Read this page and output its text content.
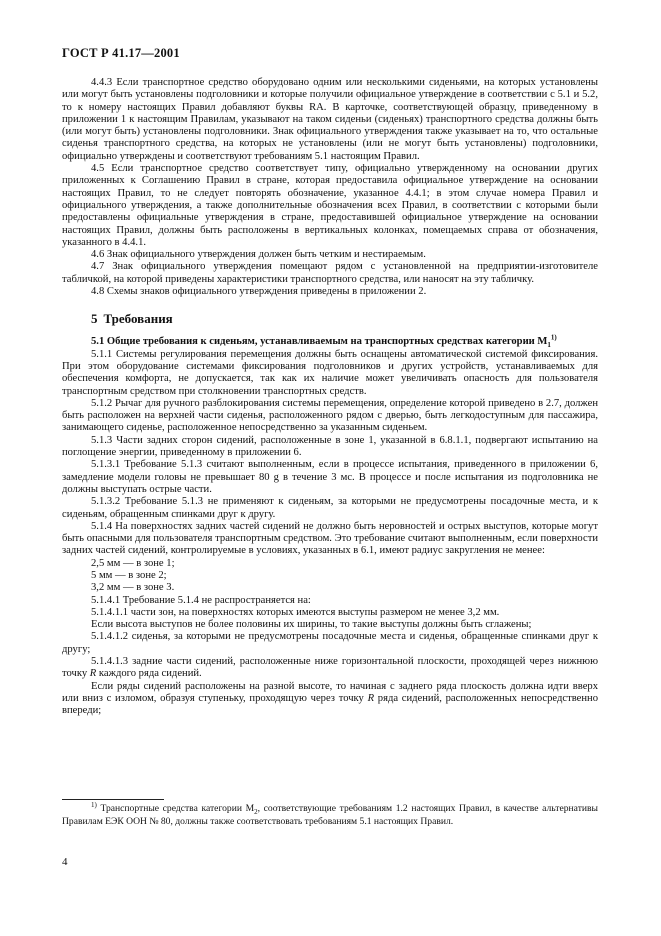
ГОСТ Р 41.17—2001

4.4.3 Если транспортное средство оборудовано одним или несколькими сиденьями, на которых установлены или могут быть установлены подголовники и которые получили официальное утверждение в соответствии с 5.1 и 5.2, то к номеру настоящих Правил добавляют буквы RA. В карточке, соответствующей образцу, приведенному в приложении 1 к настоящим Правилам, указывают на таком сиденьи (сиденьях) транспортного средства должны быть (или могут быть) установлены подголовники. Знак официального утверждения также указывает на то, что остальные сиденья транспортного средства, на которых не установлены (или не могут быть установлены) подголовники, официально утверждены и соответствуют требованиям 5.1 настоящим Правил.

4.5 Если транспортное средство соответствует типу, официально утвержденному на основании других приложенных к Соглашению Правил в стране, которая предоставила официальное утверждение на основании настоящих Правил, то не следует повторять обозначение, указанное 4.4.1; в этом случае номера Правил и официального утверждения, а также дополнительные обозначения всех Правил, в соответствии с которыми были предоставлены официальные утверждения в стране, предоставившей официальное утверждение на основании настоящих Правил, должны быть расположены в вертикальных колонках, помещаемых справа от обозначения, указанного в 4.4.1.

4.6 Знак официального утверждения должен быть четким и нестираемым.

4.7 Знак официального утверждения помещают рядом с установленной на предприятии-изготовителе табличкой, на которой приведены характеристики транспортного средства, или наносят на эту табличку.

4.8 Схемы знаков официального утверждения приведены в приложении 2.

5 Требования

5.1 Общие требования к сиденьям, устанавливаемым на транспортных средствах категории $M_1^{1)}$

5.1.1 Системы регулирования перемещения должны быть оснащены автоматической системой фиксирования. При этом оборудование системами фиксирования подголовников и других устройств, устанавливаемых для обеспечения комфорта, не допускается, так как их наличие может увеличивать опасность для пользователя транспортным средством при столкновении транспортных средств.

5.1.2 Рычаг для ручного разблокирования системы перемещения, определение которой приведено в 2.7, должен быть расположен на верхней части сиденья, расположенного рядом с дверью, быть легкодоступным для пассажира, занимающего сиденье, расположенное непосредственно за указанным сиденьем.

5.1.3 Части задних сторон сидений, расположенные в зоне 1, указанной в 6.8.1.1, подвергают испытанию на поглощение энергии, приведенному в приложении 6.

5.1.3.1 Требование 5.1.3 считают выполненным, если в процессе испытания, приведенного в приложении 6, замедление модели головы не превышает 80 g в течение 3 мс. В процессе и после испытания из подголовника не должны выступать острые части.

5.1.3.2 Требование 5.1.3 не применяют к сиденьям, за которыми не предусмотрены посадочные места, и к сиденьям, обращенным спинками друг к другу.

5.1.4 На поверхностях задних частей сидений не должно быть неровностей и острых выступов, которые могут быть опасными для пользователя транспортным средством. Это требование считают выполненным, если поверхности задних частей сидений, контролируемые в условиях, указанных в 6.1, имеют радиус закругления не менее:

2,5 мм — в зоне 1;

5 мм — в зоне 2;

3,2 мм — в зоне 3.

5.1.4.1 Требование 5.1.4 не распространяется на:

5.1.4.1.1 части зон, на поверхностях которых имеются выступы размером не менее 3,2 мм.

Если высота выступов не более половины их ширины, то такие выступы должны быть сглажены;

5.1.4.1.2 сиденья, за которыми не предусмотрены посадочные места и сиденья, обращенные спинками друг к другу;

5.1.4.1.3 задние части сидений, расположенные ниже горизонтальной плоскости, проходящей через нижнюю точку R каждого ряда сидений.

Если ряды сидений расположены на разной высоте, то начиная с заднего ряда плоскость должна идти вверх или вниз с изломом, образуя ступеньку, проходящую через точку R ряда сидений, расположенных непосредственно впереди;

$^{1)}$ Транспортные средства категории $M_2$, соответствующие требованиям 1.2 настоящих Правил, в качестве альтернативы Правилам ЕЭК ООН № 80, должны также соответствовать требованиям 5.1 настоящих Правил.
4
